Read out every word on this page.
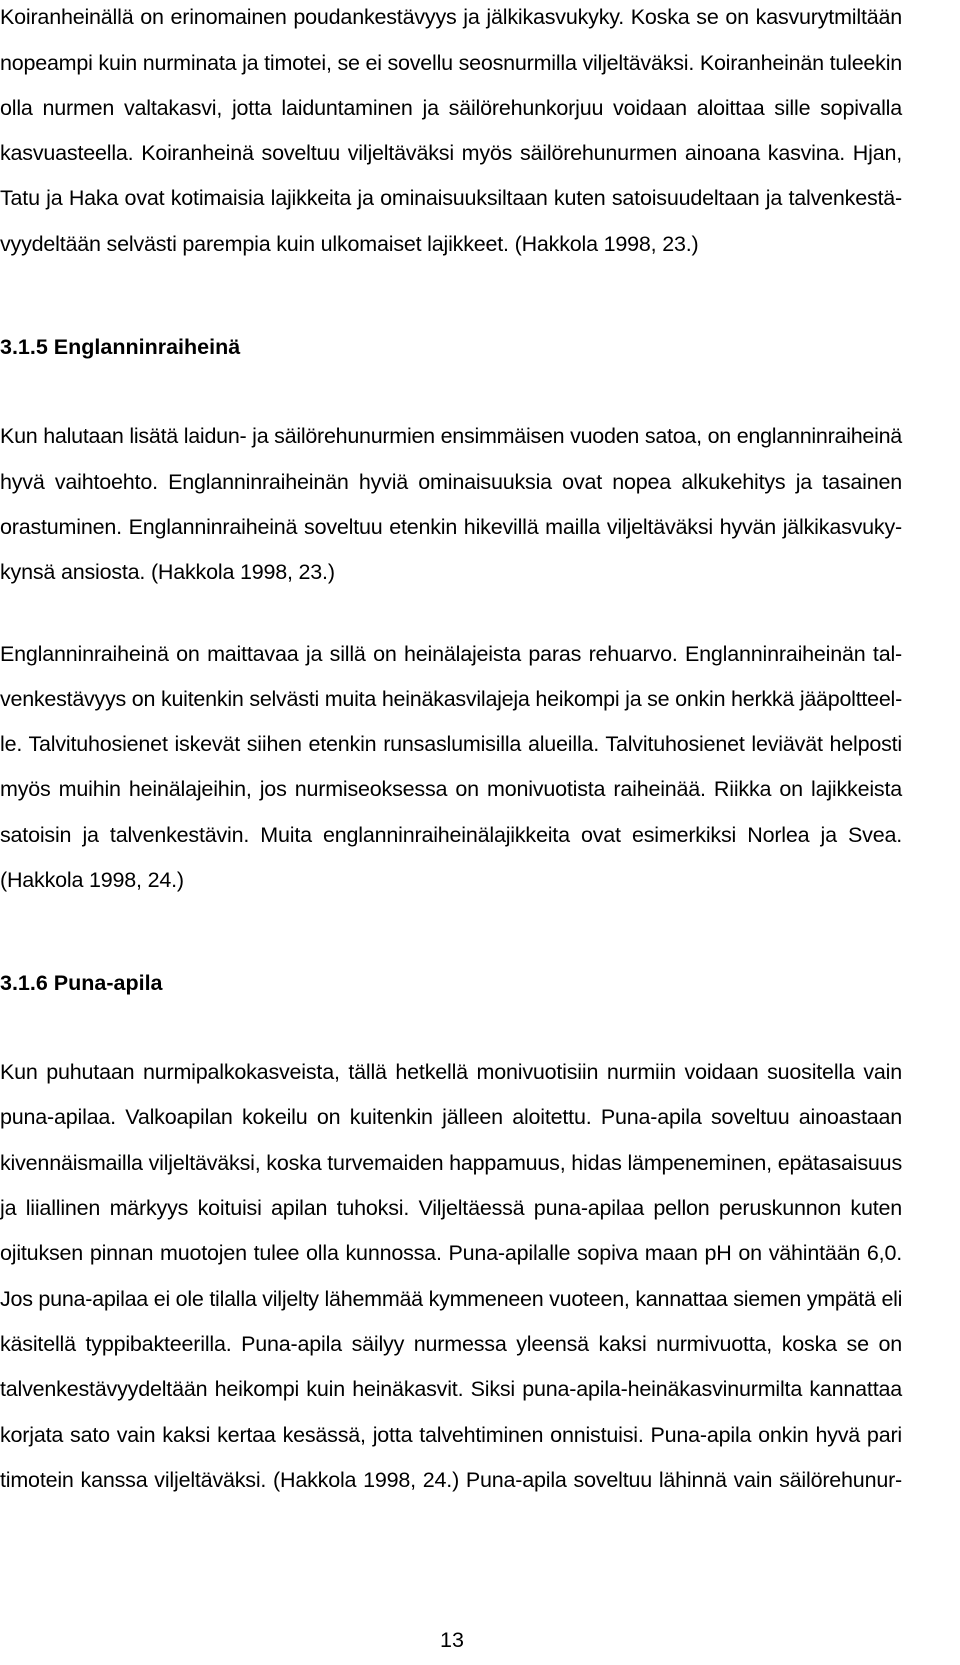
Koiranheinällä on erinomainen poudankestävyys ja jälkikasvukyky. Koska se on kasvurytmiltään
nopeampi kuin nurminata ja timotei, se ei sovellu seosnurmilla viljeltäväksi. Koiranheinän tuleekin
olla nurmen valtakasvi, jotta laiduntaminen ja säilörehunkorjuu voidaan aloittaa sille sopivalla
kasvuasteella. Koiranheinä soveltuu viljeltäväksi myös säilörehunurmen ainoana kasvina. Hjan,
Tatu ja Haka ovat kotimaisia lajikkeita ja ominaisuuksiltaan kuten satoisuudeltaan ja talvenkestä-
vyydeltään selvästi parempia kuin ulkomaiset lajikkeet. (Hakkola 1998, 23.)
3.1.5 Englanninraiheinä
Kun halutaan lisätä laidun- ja säilörehunurmien ensimmäisen vuoden satoa, on englanninraiheinä
hyvä vaihtoehto. Englanninraiheinän hyviä ominaisuuksia ovat nopea alkukehitys ja tasainen
orastuminen. Englanninraiheinä soveltuu etenkin hikevillä mailla viljeltäväksi hyvän jälkikasvuky-
kynsä ansiosta. (Hakkola 1998, 23.)
Englanninraiheinä on maittavaa ja sillä on heinälajeista paras rehuarvo. Englanninraiheinän tal-
venkestävyys on kuitenkin selvästi muita heinäkasvilajeja heikompi ja se onkin herkkä jääpoltteel-
le. Talvituhosienet iskevät siihen etenkin runsaslumisilla alueilla. Talvituhosienet leviävät helposti
myös muihin heinälajeihin, jos nurmiseoksessa on monivuotista raiheinää. Riikka on lajikkeista
satoisin ja talvenkestävin. Muita englanninraiheinälajikkeita ovat esimerkiksi Norlea ja Svea.
(Hakkola 1998, 24.)
3.1.6 Puna-apila
Kun puhutaan nurmipalkokasveista, tällä hetkellä monivuotisiin nurmiin voidaan suositella vain
puna-apilaa. Valkoapilan kokeilu on kuitenkin jälleen aloitettu. Puna-apila soveltuu ainoastaan
kivennäismailla viljeltäväksi, koska turvemaiden happamuus, hidas lämpeneminen, epätasaisuus
ja liiallinen märkyys koituisi apilan tuhoksi. Viljeltäessä puna-apilaa pellon peruskunnon kuten
ojituksen pinnan muotojen tulee olla kunnossa. Puna-apilalle sopiva maan pH on vähintään 6,0.
Jos puna-apilaa ei ole tilalla viljelty lähemmää kymmeneen vuoteen, kannattaa siemen ympätä eli
käsitellä typpibakteerilla. Puna-apila säilyy nurmessa yleensä kaksi nurmivuotta, koska se on
talvenkestävyydeltään heikompi kuin heinäkasvit. Siksi puna-apila-heinäkasvinurmilta kannattaa
korjata sato vain kaksi kertaa kesässä, jotta talvehtiminen onnistuisi. Puna-apila onkin hyvä pari
timotein kanssa viljeltäväksi. (Hakkola 1998, 24.) Puna-apila soveltuu lähinnä vain säilörehunur-
13
